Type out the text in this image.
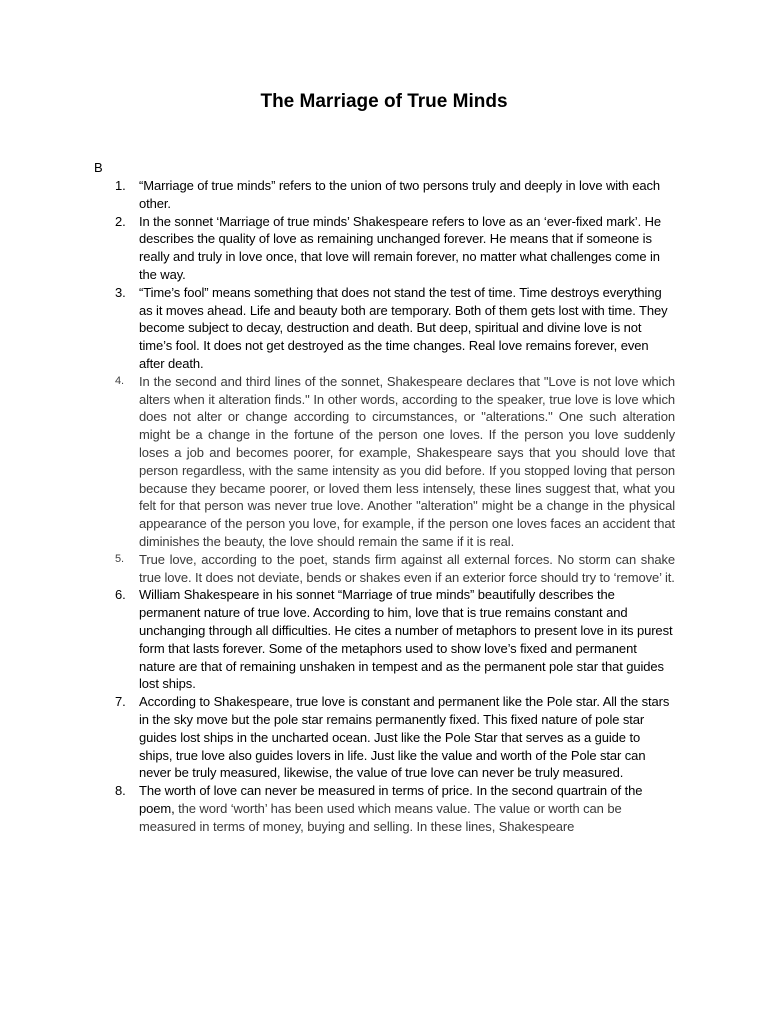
The Marriage of True Minds
B
1.	“Marriage of true minds” refers to the union of two persons truly and deeply in love with each other.
2.	In the sonnet ‘Marriage of true minds’ Shakespeare refers to love as an ‘ever-fixed mark’. He describes the quality of love as remaining unchanged forever. He means that if someone is really and truly in love once, that love will remain forever, no matter what challenges come in the way.
3.	“Time’s fool” means something that does not stand the test of time. Time destroys everything as it moves ahead. Life and beauty both are temporary. Both of them gets lost with time. They become subject to decay, destruction and death. But deep, spiritual and divine love is not time’s fool. It does not get destroyed as the time changes. Real love remains forever, even after death.
4.	In the second and third lines of the sonnet, Shakespeare declares that "Love is not love which alters when it alteration finds." In other words, according to the speaker, true love is love which does not alter or change according to circumstances, or "alterations." One such alteration might be a change in the fortune of the person one loves. If the person you love suddenly loses a job and becomes poorer, for example, Shakespeare says that you should love that person regardless, with the same intensity as you did before. If you stopped loving that person because they became poorer, or loved them less intensely, these lines suggest that, what you felt for that person was never true love. Another "alteration" might be a change in the physical appearance of the person you love, for example, if the person one loves faces an accident that diminishes the beauty, the love should remain the same if it is real.
5.	True love, according to the poet, stands firm against all external forces. No storm can shake true love. It does not deviate, bends or shakes even if an exterior force should try to ‘remove’ it.
6.	William Shakespeare in his sonnet “Marriage of true minds” beautifully describes the permanent nature of true love. According to him, love that is true remains constant and unchanging through all difficulties. He cites a number of metaphors to present love in its purest form that lasts forever. Some of the metaphors used to show love’s fixed and permanent nature are that of remaining unshaken in tempest and as the permanent pole star that guides lost ships.
7.	According to Shakespeare, true love is constant and permanent like the Pole star. All the stars in the sky move but the pole star remains permanently fixed. This fixed nature of pole star guides lost ships in the uncharted ocean. Just like the Pole Star that serves as a guide to ships, true love also guides lovers in life. Just like the value and worth of the Pole star can never be truly measured, likewise, the value of true love can never be truly measured.
8.	The worth of love can never be measured in terms of price. In the second quartrain of the poem, the word ‘worth’ has been used which means value. The value or worth can be measured in terms of money, buying and selling. In these lines, Shakespeare
